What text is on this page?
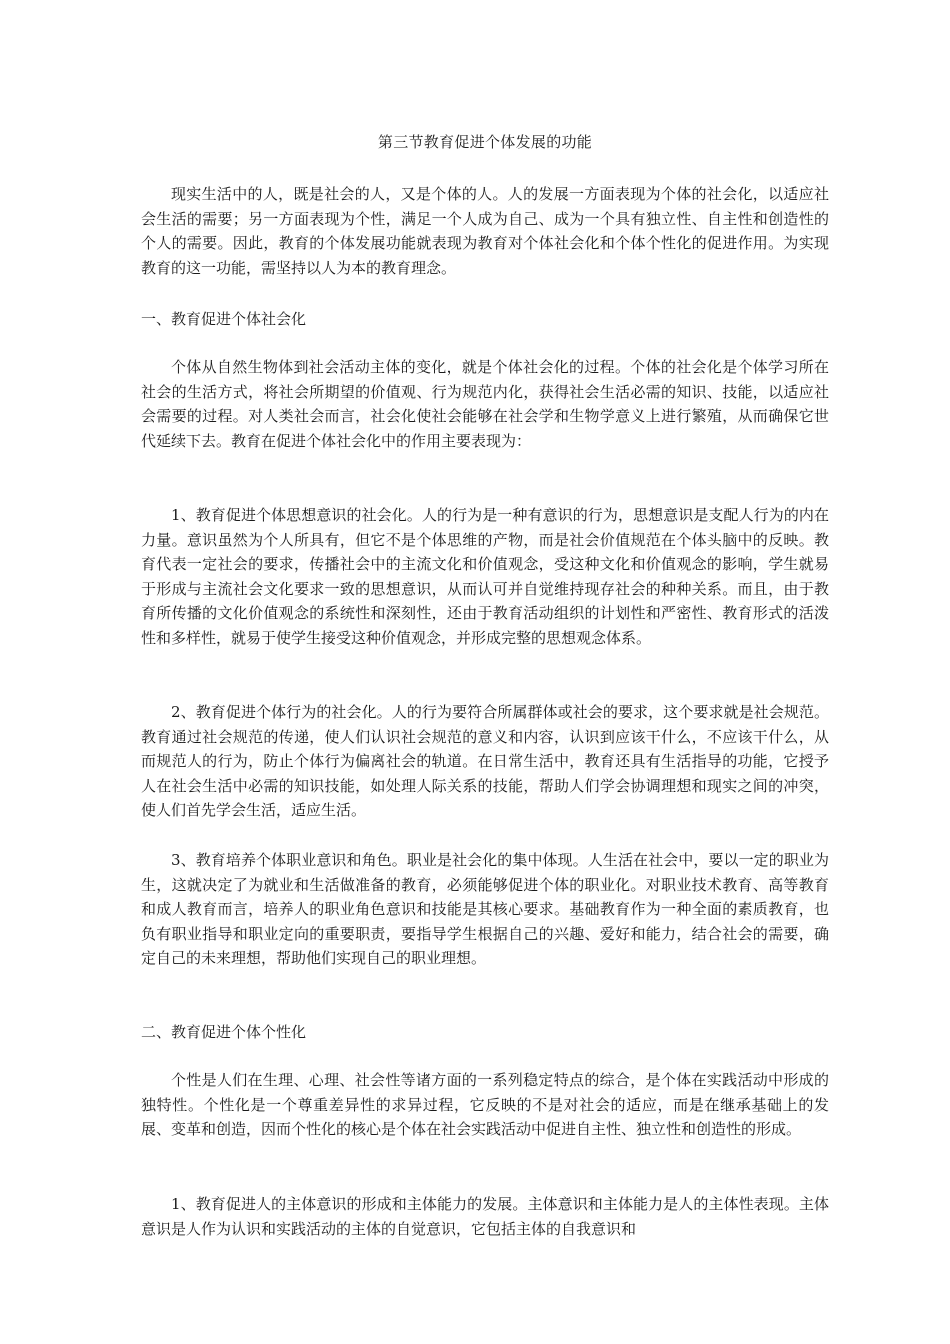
第三节教育促进个体发展的功能

现实生活中的人，既是社会的人，又是个体的人。人的发展一方面表现为个体的社会化，以适应社会生活的需要；另一方面表现为个性，满足一个人成为自己、成为一个具有独立性、自主性和创造性的个人的需要。因此，教育的个体发展功能就表现为教育对个体社会化和个体个性化的促进作用。为实现教育的这一功能，需坚持以人为本的教育理念。

一、教育促进个体社会化

个体从自然生物体到社会活动主体的变化，就是个体社会化的过程。个体的社会化是个体学习所在社会的生活方式，将社会所期望的价值观、行为规范内化，获得社会生活必需的知识、技能，以适应社会需要的过程。对人类社会而言，社会化使社会能够在社会学和生物学意义上进行繁殖，从而确保它世代延续下去。教育在促进个体社会化中的作用主要表现为：

1、教育促进个体思想意识的社会化。人的行为是一种有意识的行为，思想意识是支配人行为的内在力量。意识虽然为个人所具有，但它不是个体思维的产物，而是社会价值规范在个体头脑中的反映。教育代表一定社会的要求，传播社会中的主流文化和价值观念，受这种文化和价值观念的影响，学生就易于形成与主流社会文化要求一致的思想意识，从而认可并自觉维持现存社会的种种关系。而且，由于教育所传播的文化价值观念的系统性和深刻性，还由于教育活动组织的计划性和严密性、教育形式的活泼性和多样性，就易于使学生接受这种价值观念，并形成完整的思想观念体系。

2、教育促进个体行为的社会化。人的行为要符合所属群体或社会的要求，这个要求就是社会规范。教育通过社会规范的传递，使人们认识社会规范的意义和内容，认识到应该干什么，不应该干什么，从而规范人的行为，防止个体行为偏离社会的轨道。在日常生活中，教育还具有生活指导的功能，它授予人在社会生活中必需的知识技能，如处理人际关系的技能，帮助人们学会协调理想和现实之间的冲突，使人们首先学会生活，适应生活。

3、教育培养个体职业意识和角色。职业是社会化的集中体现。人生活在社会中，要以一定的职业为生，这就决定了为就业和生活做准备的教育，必须能够促进个体的职业化。对职业技术教育、高等教育和成人教育而言，培养人的职业角色意识和技能是其核心要求。基础教育作为一种全面的素质教育，也负有职业指导和职业定向的重要职责，要指导学生根据自己的兴趣、爱好和能力，结合社会的需要，确定自己的未来理想，帮助他们实现自己的职业理想。

二、教育促进个体个性化

个性是人们在生理、心理、社会性等诸方面的一系列稳定特点的综合，是个体在实践活动中形成的独特性。个性化是一个尊重差异性的求异过程，它反映的不是对社会的适应，而是在继承基础上的发展、变革和创造，因而个性化的核心是个体在社会实践活动中促进自主性、独立性和创造性的形成。

1、教育促进人的主体意识的形成和主体能力的发展。主体意识和主体能力是人的主体性表现。主体意识是人作为认识和实践活动的主体的自觉意识，它包括主体的自我意识和
